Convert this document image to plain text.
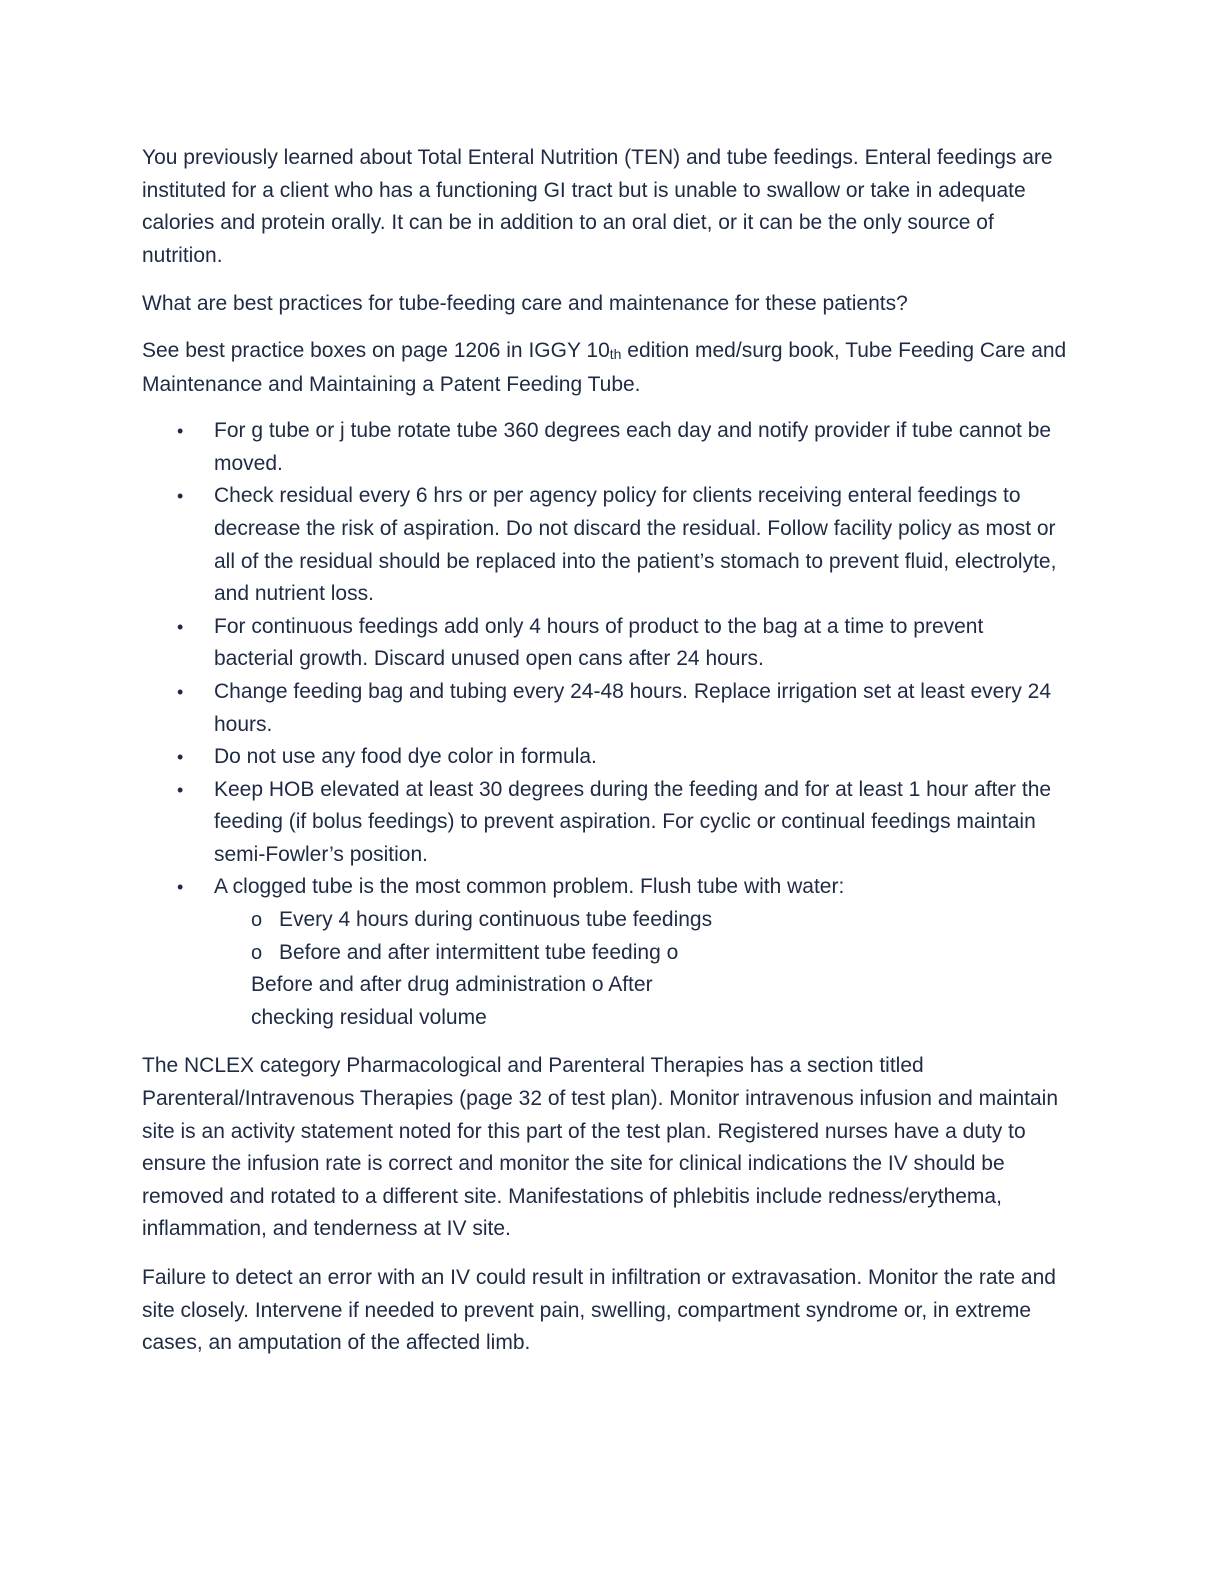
You previously learned about Total Enteral Nutrition (TEN) and tube feedings. Enteral feedings are instituted for a client who has a functioning GI tract but is unable to swallow or take in adequate calories and protein orally. It can be in addition to an oral diet, or it can be the only source of nutrition.

What are best practices for tube-feeding care and maintenance for these patients?

See best practice boxes on page 1206 in IGGY 10th edition med/surg book, Tube Feeding Care and Maintenance and Maintaining a Patent Feeding Tube.

• For g tube or j tube rotate tube 360 degrees each day and notify provider if tube cannot be moved.
• Check residual every 6 hrs or per agency policy for clients receiving enteral feedings to decrease the risk of aspiration. Do not discard the residual. Follow facility policy as most or all of the residual should be replaced into the patient’s stomach to prevent fluid, electrolyte, and nutrient loss.
• For continuous feedings add only 4 hours of product to the bag at a time to prevent bacterial growth. Discard unused open cans after 24 hours.
• Change feeding bag and tubing every 24-48 hours. Replace irrigation set at least every 24 hours.
• Do not use any food dye color in formula.
• Keep HOB elevated at least 30 degrees during the feeding and for at least 1 hour after the feeding (if bolus feedings) to prevent aspiration. For cyclic or continual feedings maintain semi-Fowler’s position.
• A clogged tube is the most common problem. Flush tube with water:
o Every 4 hours during continuous tube feedings
o Before and after intermittent tube feeding o
Before and after drug administration o After checking residual volume

The NCLEX category Pharmacological and Parenteral Therapies has a section titled Parenteral/Intravenous Therapies (page 32 of test plan). Monitor intravenous infusion and maintain site is an activity statement noted for this part of the test plan. Registered nurses have a duty to ensure the infusion rate is correct and monitor the site for clinical indications the IV should be removed and rotated to a different site. Manifestations of phlebitis include redness/erythema, inflammation, and tenderness at IV site.

Failure to detect an error with an IV could result in infiltration or extravasation. Monitor the rate and site closely. Intervene if needed to prevent pain, swelling, compartment syndrome or, in extreme cases, an amputation of the affected limb.
